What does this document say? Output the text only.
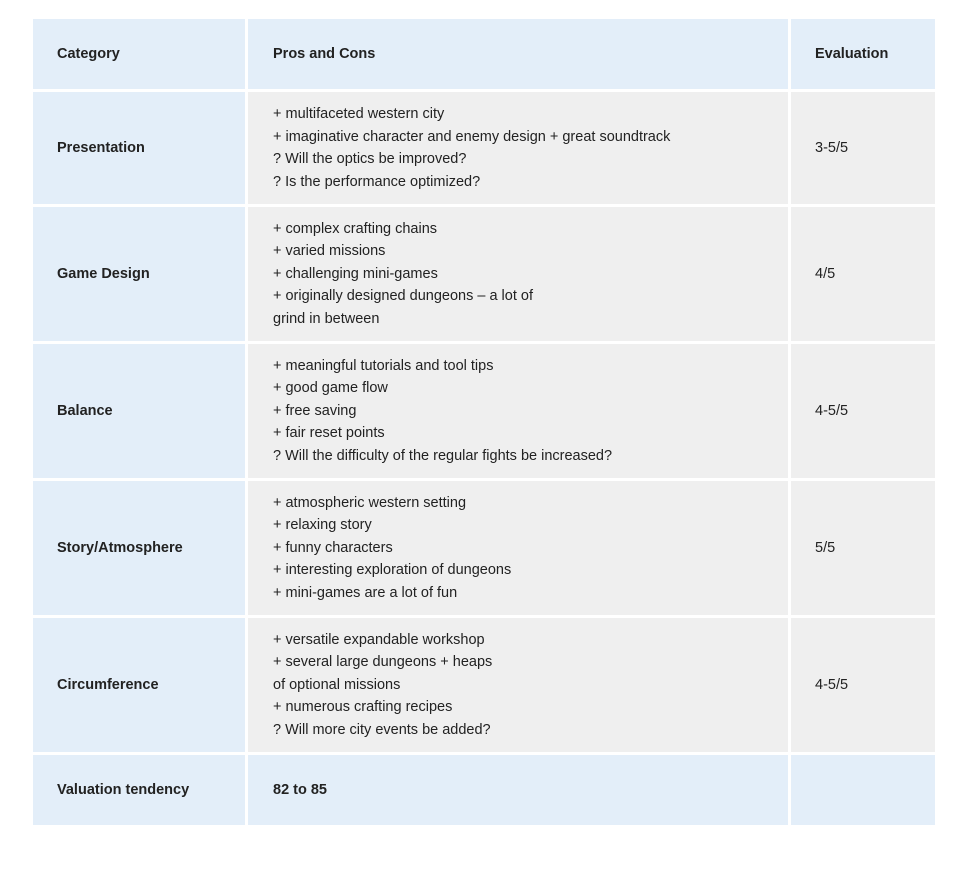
Category	Pros and Cons	Evaluation
Presentation	+ multifaceted western city
+ imaginative character and enemy design + great soundtrack
? Will the optics be improved?
? Is the performance optimized?	3-5/5
Game Design	+ complex crafting chains
+ varied missions
+ challenging mini-games
+ originally designed dungeons – a lot of
grind in between	4/5
Balance	+ meaningful tutorials and tool tips
+ good game flow
+ free saving
+ fair reset points
? Will the difficulty of the regular fights be increased?	4-5/5
Story/Atmosphere	+ atmospheric western setting
+ relaxing story
+ funny characters
+ interesting exploration of dungeons
+ mini-games are a lot of fun	5/5
Circumference	+ versatile expandable workshop
+ several large dungeons + heaps
of optional missions
+ numerous crafting recipes
? Will more city events be added?	4-5/5
Valuation tendency	82 to 85	
